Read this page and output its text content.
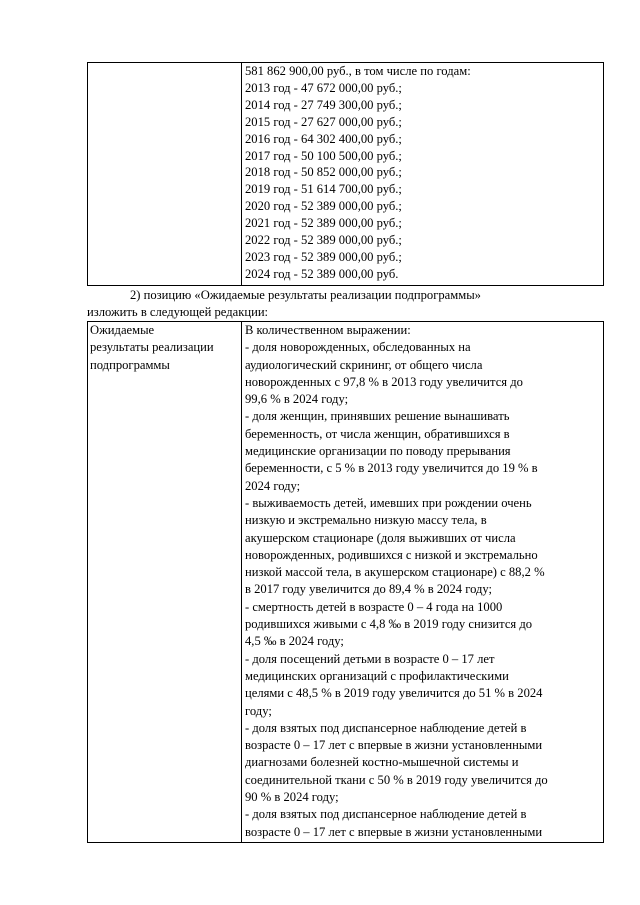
581 862 900,00 руб., в том числе по годам:
2013 год - 47 672 000,00 руб.;
2014 год - 27 749 300,00 руб.;
2015 год - 27 627 000,00 руб.;
2016 год - 64 302 400,00 руб.;
2017 год - 50 100 500,00 руб.;
2018 год - 50 852 000,00 руб.;
2019 год - 51 614 700,00 руб.;
2020 год - 52 389 000,00 руб.;
2021 год - 52 389 000,00 руб.;
2022 год - 52 389 000,00 руб.;
2023 год - 52 389 000,00 руб.;
2024 год - 52 389 000,00 руб.
2) позицию «Ожидаемые результаты реализации подпрограммы»
изложить в следующей редакции:
Ожидаемые
результаты реализации
подпрограммы
В количественном выражении:
- доля новорожденных, обследованных на
аудиологический скрининг, от общего числа
новорожденных с 97,8 % в 2013 году увеличится до
99,6 % в 2024 году;
- доля женщин, принявших решение вынашивать
беременность, от числа женщин, обратившихся в
медицинские организации по поводу прерывания
беременности, с 5 % в 2013 году увеличится до 19 % в
2024 году;
- выживаемость детей, имевших при рождении очень
низкую и экстремально низкую массу тела, в
акушерском стационаре (доля выживших от числа
новорожденных, родившихся с низкой и экстремально
низкой массой тела, в акушерском стационаре) с 88,2 %
в 2017 году увеличится до 89,4 % в 2024 году;
- смертность детей в возрасте 0 – 4 года на 1000
родившихся живыми с 4,8 ‰ в 2019 году снизится до
4,5 ‰ в 2024 году;
- доля посещений детьми в возрасте 0 – 17 лет
медицинских организаций с профилактическими
целями с 48,5 % в 2019 году увеличится до 51 % в 2024
году;
- доля взятых под диспансерное наблюдение детей в
возрасте 0 – 17 лет с впервые в жизни установленными
диагнозами болезней костно-мышечной системы и
соединительной ткани с 50 % в 2019 году увеличится до
90 % в 2024 году;
- доля взятых под диспансерное наблюдение детей в
возрасте 0 – 17 лет с впервые в жизни установленными
